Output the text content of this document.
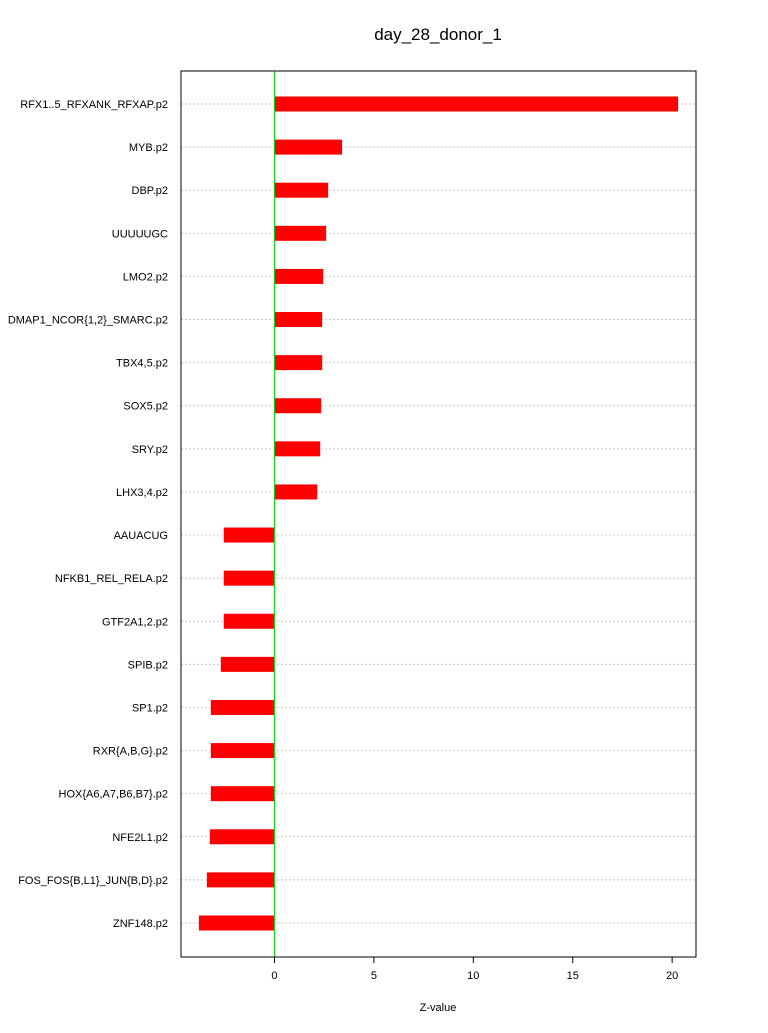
day_28_donor_1
0	5	10	15	20
RFX1..5_RFXANK_RFXAP.p2
MYB.p2
DBP.p2
UUUUUGC
LMO2.p2
DMAP1_NCOR{1,2}_SMARC.p2
TBX4,5.p2
SOX5.p2
SRY.p2
LHX3,4.p2
AAUACUG
NFKB1_REL_RELA.p2
GTF2A1,2.p2
SPIB.p2
SP1.p2
RXR{A,B,G}.p2
HOX{A6,A7,B6,B7}.p2
NFE2L1.p2
FOS_FOS{B,L1}_JUN{B,D}.p2
ZNF148.p2
Z-value
